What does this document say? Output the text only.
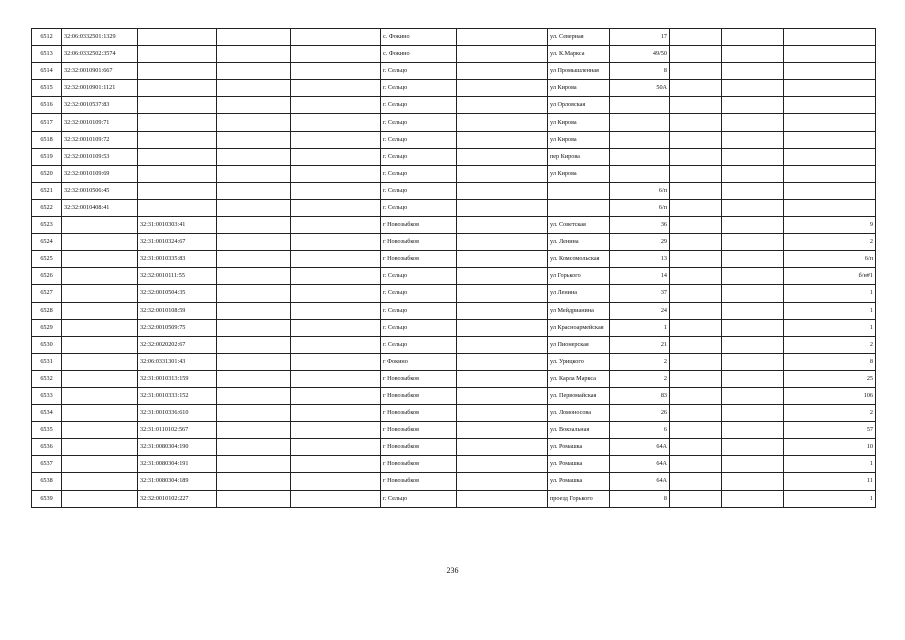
6512	32:06:0332501:1329				с. Фокино		ул. Северная	17			
6513	32:06:0332502:3574				с. Фокино		ул. К.Маркса	49/50			
6514	32:32:0010901:667				г. Сельцо		ул Промышленная	8			
6515	32:32:0010901:1121				г. Сельцо		ул Кирова	50А			
6516	32:32:0010537:83				г. Сельцо		ул Орловская				
6517	32:32:0010109:71				г. Сельцо		ул Кирова				
6518	32:32:0010109:72				г. Сельцо		ул Кирова				
6519	32:32:0010109:53				г. Сельцо		пер Кирова				
6520	32:32:0010109:69				г. Сельцо		ул Кирова				
6521	32:32:0010506:45				г. Сельцо			6/п			
6522	32:32:0010408:41				г. Сельцо			6/п			
6523		32:31:0010303:41			г Новозыбков		ул. Советская	36			9
6524		32:31:0010324:67			г Новозыбков		ул. Ленина	29			2
6525		32:31:0010335:83			г Новозыбков		ул. Комсомольская	13			6/п
6526		32:32:0010111:55			г. Сельцо		ул Горького	14			б/н#1
6527		32:32:0010504:35			г. Сельцо		ул Ленина	37			1
6528		32:32:0010108:59			г. Сельцо		ул Мейдрианина	24			1
6529		32:32:0010509:75			г. Сельцо		ул Красноармейская	1			1
6530		32:32:0020202:67			г. Сельцо		ул Пионерская	21			2
6531		32:06:0331301:43			г Фокино		ул. Урицкого	2			8
6532		32:31:0010313:159			г Новозыбков		ул. Карла Маркса	2			25
6533		32:31:0010333:152			г Новозыбков		ул. Первомайская	83			106
6534		32:31:0010336:610			г Новозыбков		ул. Ломоносова	26			2
6535		32:31:0110102:567			г Новозыбков		ул. Вокзальная	6			57
6536		32:31:0080304:190			г Новозыбков		ул. Ромашка	64А			10
6537		32:31:0080304:191			г Новозыбков		ул. Ромашка	64А			1
6538		32:31:0080304:189			г Новозыбков		ул. Ромашка	64А			11
6539		32:32:0010102:227			г. Сельцо		проезд Горького	8			1
236
